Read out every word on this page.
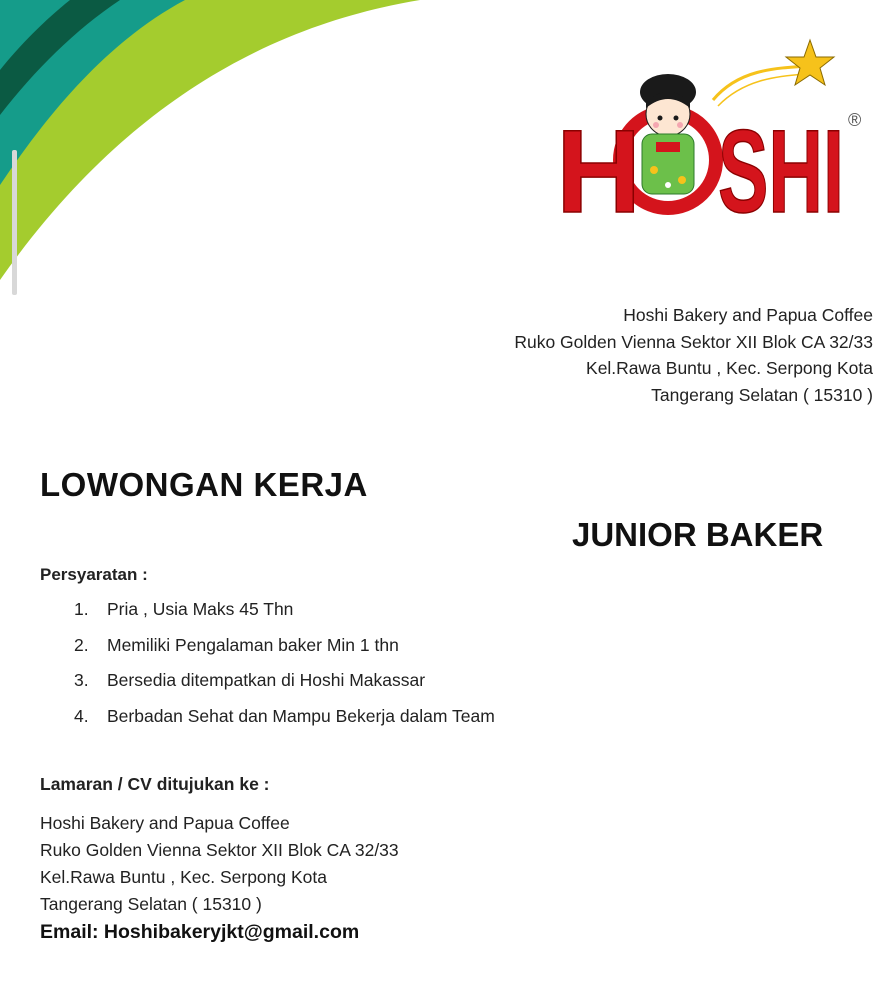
H SHI ®
Hoshi Bakery and Papua Coffee
Ruko Golden Vienna Sektor XII Blok CA 32/33
Kel.Rawa Buntu , Kec. Serpong Kota
Tangerang Selatan ( 15310 )
LOWONGAN KERJA
JUNIOR BAKER
Persyaratan :
1. Pria , Usia Maks 45 Thn
2. Memiliki Pengalaman baker Min 1 thn
3. Bersedia ditempatkan di Hoshi Makassar
4. Berbadan Sehat dan Mampu Bekerja dalam Team
Lamaran / CV ditujukan ke :
Hoshi Bakery and Papua Coffee
Ruko Golden Vienna Sektor XII Blok CA 32/33
Kel.Rawa Buntu , Kec. Serpong Kota
Tangerang Selatan ( 15310 )
Email: Hoshibakeryjkt@gmail.com
